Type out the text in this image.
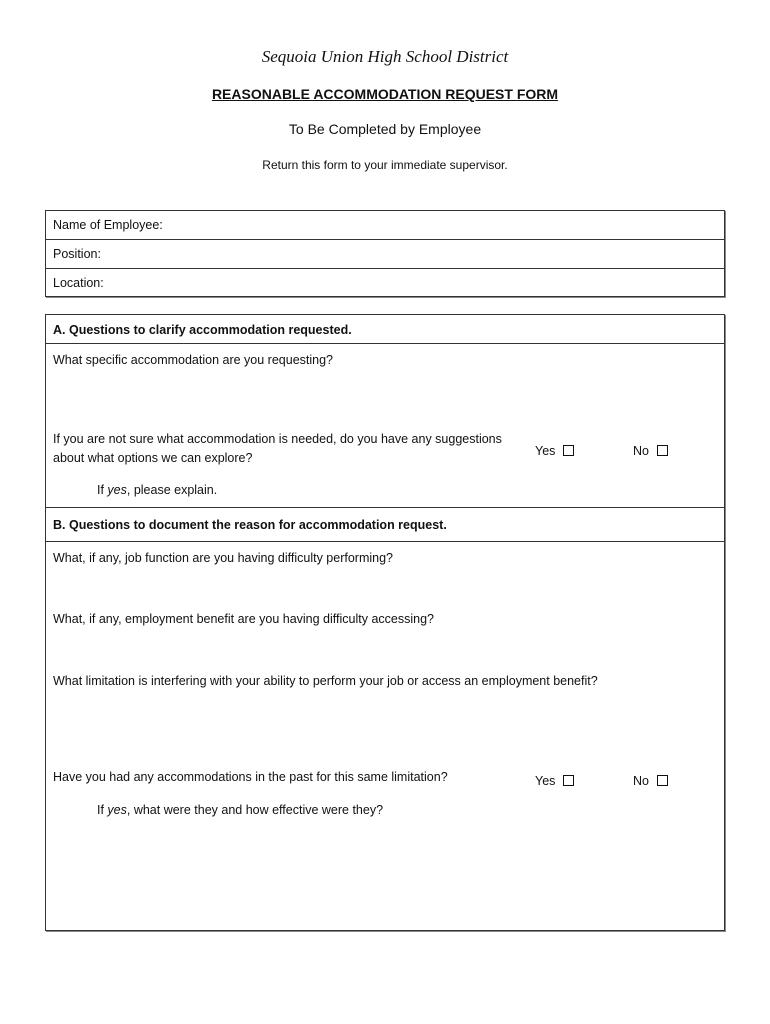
Sequoia Union High School District
REASONABLE ACCOMMODATION REQUEST FORM
To Be Completed by Employee
Return this form to your immediate supervisor.
Name of Employee:
Position:
Location:
A. Questions to clarify accommodation requested.
What specific accommodation are you requesting?
If you are not sure what accommodation is needed, do you have any suggestions
about what options we can explore?	Yes	No
If yes, please explain.
B. Questions to document the reason for accommodation request.
What, if any, job function are you having difficulty performing?
What, if any, employment benefit are you having difficulty accessing?
What limitation is interfering with your ability to perform your job or access an employment benefit?
Have you had any accommodations in the past for this same limitation?	Yes	No
If yes, what were they and how effective were they?
